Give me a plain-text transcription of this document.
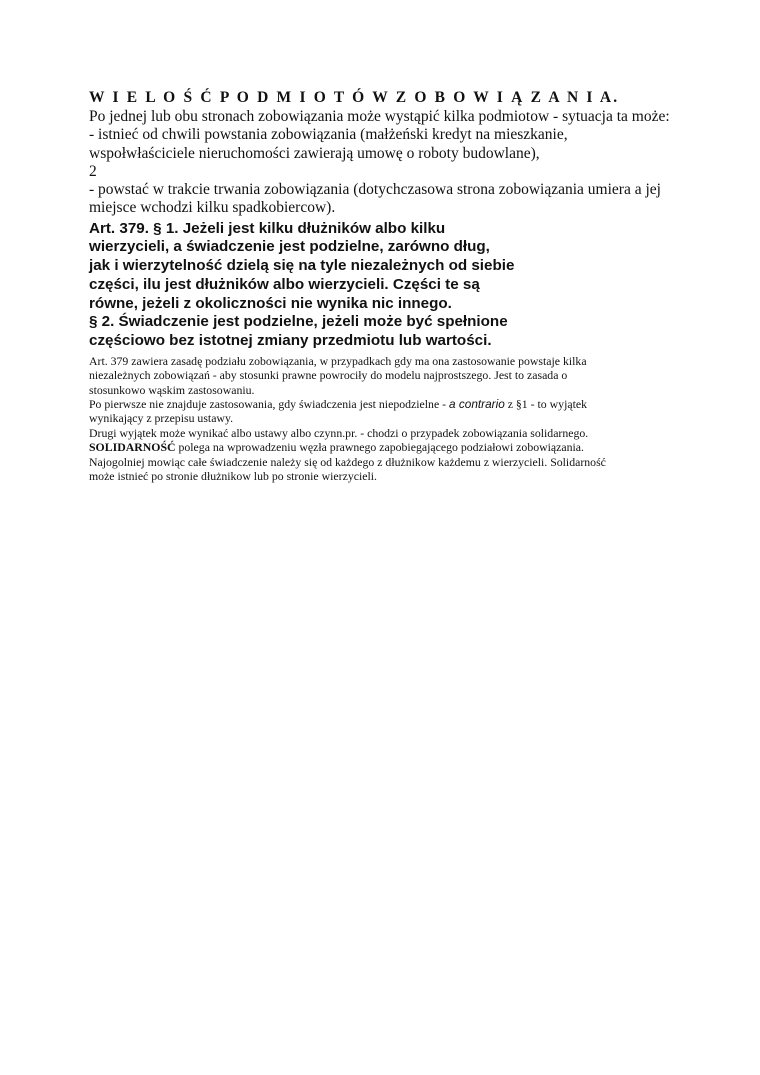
W I E L O Ś Ć P O D M I O T Ó W Z O B O W I Ą Z A N I A.

Po jednej lub obu stronach zobowiązania może wystąpić kilka podmiotow ‐ sytuacja ta może:

- istnieć od chwili powstania zobowiązania (małżeński kredyt na mieszkanie,

wspołwłaściciele nieruchomości zawierają umowę o roboty budowlane),

2

- powstać w trakcie trwania zobowiązania (dotychczasowa strona zobowiązania umiera a jej

miejsce wchodzi kilku spadkobiercow).

Art. 379. § 1. Jeżeli jest kilku dłużników albo kilku

wierzycieli, a świadczenie jest podzielne, zarówno dług,

jak i wierzytelność dzielą się na tyle niezależnych od siebie

części, ilu jest dłużników albo wierzycieli. Części te są

równe, jeżeli z okoliczności nie wynika nic innego.

§ 2. Świadczenie jest podzielne, jeżeli może być spełnione

częściowo bez istotnej zmiany przedmiotu lub wartości.

Art. 379 zawiera zasadę podziału zobowiązania, w przypadkach gdy ma ona zastosowanie powstaje kilka

niezależnych zobowiązań ‐ aby stosunki prawne powrociły do modelu najprostszego. Jest to zasada o

stosunkowo wąskim zastosowaniu.

Po pierwsze nie znajduje zastosowania, gdy świadczenia jest niepodzielne ‐ a contrario z §1 ‐ to wyjątek

wynikający z przepisu ustawy.

Drugi wyjątek może wynikać albo ustawy albo czynn.pr. ‐ chodzi o przypadek zobowiązania solidarnego.

SOLIDARNOŚĆ polega na wprowadzeniu węzła prawnego zapobiegającego podziałowi zobowiązania.

Najogolniej mowiąc całe świadczenie należy się od każdego z dłużnikow każdemu z wierzycieli. Solidarność

może istnieć po stronie dłużnikow lub po stronie wierzycieli.
